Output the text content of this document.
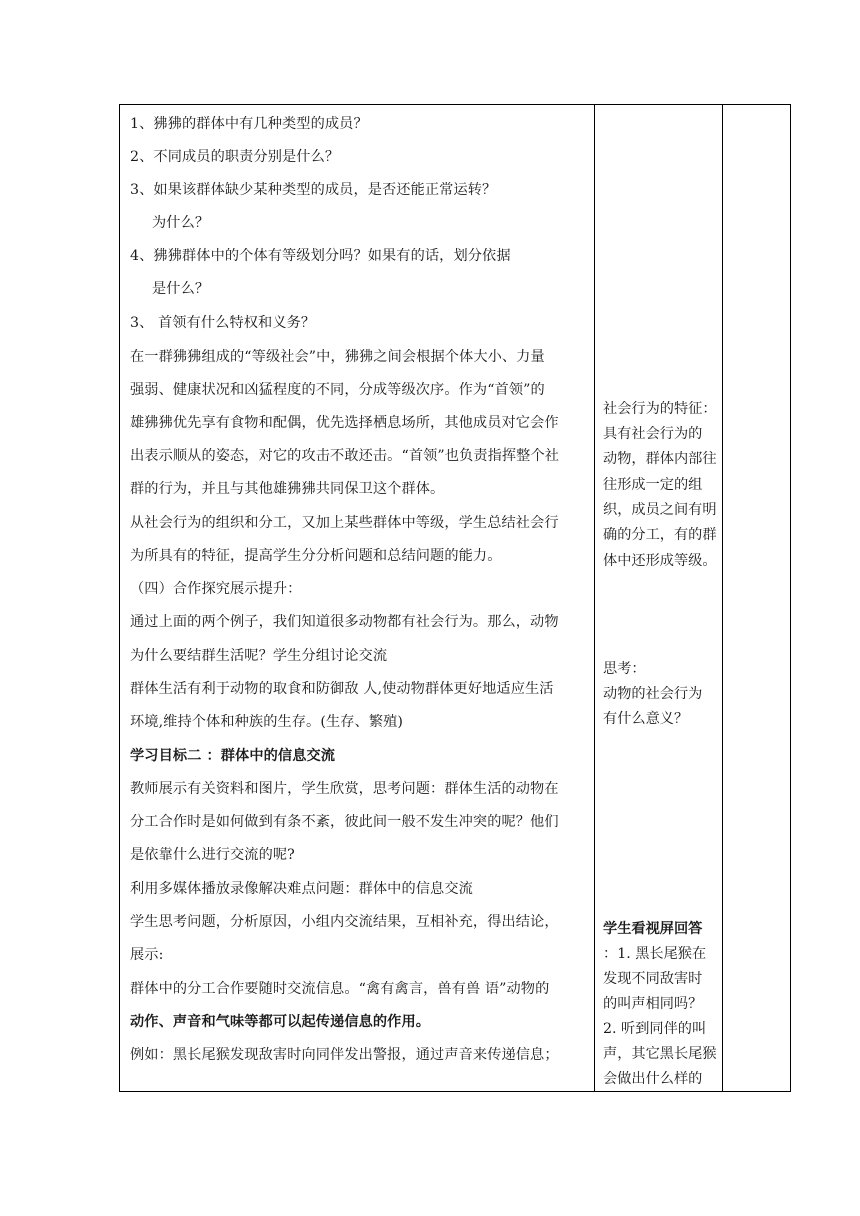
1、狒狒的群体中有几种类型的成员？
2、不同成员的职责分别是什么？
3、如果该群体缺少某种类型的成员，是否还能正常运转？
为什么？
4、狒狒群体中的个体有等级划分吗？如果有的话，划分依据
是什么？
3、 首领有什么特权和义务？
在一群狒狒组成的“等级社会”中，狒狒之间会根据个体大小、力量
强弱、健康状况和凶猛程度的不同，分成等级次序。作为“首领”的
雄狒狒优先享有食物和配偶，优先选择栖息场所，其他成员对它会作
出表示顺从的姿态，对它的攻击不敢还击。“首领”也负责指挥整个社
群的行为，并且与其他雄狒狒共同保卫这个群体。
从社会行为的组织和分工，又加上某些群体中等级，学生总结社会行
为所具有的特征，提高学生分分析问题和总结问题的能力。
（四）合作探究展示提升：
通过上面的两个例子，我们知道很多动物都有社会行为。那么，动物
为什么要结群生活呢？学生分组讨论交流
群体生活有利于动物的取食和防御敌 人,使动物群体更好地适应生活
环境,维持个体和种族的生存。(生存、繁殖)
学习目标二 ：群体中的信息交流
教师展示有关资料和图片，学生欣赏，思考问题：群体生活的动物在
分工合作时是如何做到有条不紊，彼此间一般不发生冲突的呢？他们
是依靠什么进行交流的呢?
利用多媒体播放录像解决难点问题：群体中的信息交流
学生思考问题，分析原因，小组内交流结果，互相补充，得出结论，
展示:
群体中的分工合作要随时交流信息。“禽有禽言，兽有兽 语”动物的
动作、声音和气味等都可以起传递信息的作用。
例如：黑长尾猴发现敌害时向同伴发出警报，通过声音来传递信息；
社会行为的特征：
具有社会行为的
动物，群体内部往
往形成一定的组
织，成员之间有明
确的分工，有的群
体中还形成等级。
思考：
动物的社会行为
有什么意义？
学生看视屏回答
：1. 黑长尾猴在
发现不同敌害时
的叫声相同吗？
2. 听到同伴的叫
声，其它黑长尾猴
会做出什么样的
